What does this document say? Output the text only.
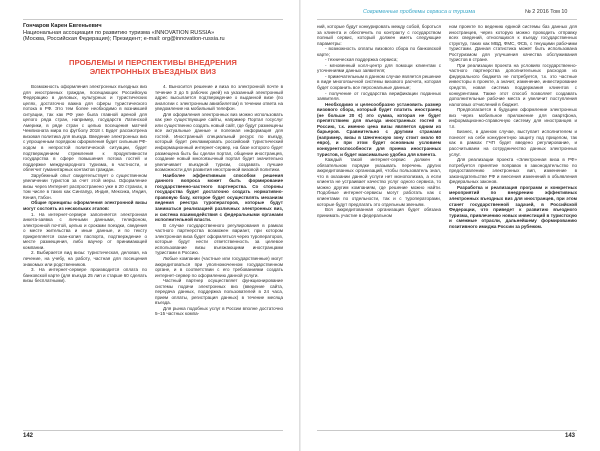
Гончаров Карен Евгеньевич
Национальная ассоциация по развитию туризма «INNOVATION RUSSIA»
(Москва, Российская Федерация); Президент; e-mail: org@innovation-russia.ru
ПРОБЛЕМЫ И ПЕРСПЕКТИВЫ ВНЕДРЕНИЯ
ЭЛЕКТРОННЫХ ВЪЕЗДНЫХ ВИЗ

Возможность оформления электронных въездных виз для иностранных граждан, посещающих Российскую Федерацию в деловых, культурных и туристических целях, достаточно важна для сферы туристического потока в РФ. Это тем более необходимо в возникшей ситуации, так как РФ уже была главной ареной для целого ряда стран, например, государств Латинской Америки, в ряде стран с целью посещения матчей Чемпионата мира по футболу 2018 г. Будет рассмотрена визовая политика для въезда. Введение электронных виз с упрощенным порядком оформления будет сильным РФ-ходом в непростой политической ситуации, будет подтверждением стремления к продуктивности государства в сфере повышения потока гостей и поддержке международного туризма, в частности, и облегчит гуманитарных контактов граждан.

Зарубежный опыт свидетельствует о существенном увеличении туристов за счет этой меры. Оформление визы через Интернет распространено уже в 20 странах, в том числе в таких как Сингапур, Индия, Мексика, Индия, Кения, Габон.

Общие принципы оформления электронной визы могут состоять из нескольких этапов:

1. На интернет-сервере заполняется электронная анкета-заявка с личными данными, телефоном, электронной почтой, целью и сроками поездки, сведения о месте жительства и иные данные, и по тексту прикрепляется скан-копия паспорта, подтверждение о месте размещения, либо ваучер от принимающей компании.

2. Выбирается вид визы: туристическая, деловая, на лечение, на учебу, на работу, частная для посещения знакомых или родственников.

3. На интернет-сервере производится оплата по банковской карте (для въезда 25 лип и старше 60 сделать визы бесплатными).

4. Выносится решение и виза по электронной почте в течение 3 до 5 рабочих дней) на указанный электронный адрес высылается подтверждение о выданной визе (по аналогии с электронным авиабилетом) в течении ответа на уведомление на мобильный телефон.

Для оформления электронных виз можно использовать как уже существующие сайты, например Портал госуслуг или существенно создать новый сайт, где будут размещены все актуальные данные и полезная информация для гостей. Иностранный специальный ресурс по въезду, который будет рекламировать российский туристический информационный интернет-сервер, на базе которого будет размещена быть бы сделан портал, общение иностранцев, создание новый многоязычный портал будет значительно увеличивает въездной туризм, создавать лучшие возможности для развития иностранной визовой политики.

Наиболее эффективным способом решения данного вопроса может быть формирование государственно-частного партнерства. Со стороны государства будет достаточно создать нормативно-правовую базу, которое будет осуществлять механизм ведения реестра туроператоров, которые будут заниматься реализацией различных электронных виз, и система взаимодействия с федеральными органами исполнительной власти.

В случае государственного регулирования в рамках частного партнерства возможен вариант, при котором электронная виза будет оформляться через туроператоров, которые будут нести ответственность за целевое использование визы въезжающими иностранцами туристами в Россию.

Любые компании (частные или государственные) могут аккредитоваться при уполномоченном государственном органе, и в соответствии с его требованиями создать интернет-сервер по оформлению данной услуги.

Частный партнер осуществляет функционирование системы подачи электронных виз (введение сайта, передача данных, поддержка пользователей в 24 часа, прием оплаты, регистрация данных) в течение месяца въезда.

Для рынка подобных услуг в России вполне достаточно 5–15 частных компа-

142
Современные проблемы сервиса и туризма	№ 2 2016 Том 10

ний, которые будут конкурировать между собой, бороться за клиента и обеспечить по контракту с государством полный сервис, который должен иметь следующие параметры:

- возможность оплаты визового сбора по банковской карте;

- техническая поддержка сервиса;

- мгновенный колл-центр для помощи клиентам с уточнениями данных заявителя;

- примечательным в данном случае является решение в виде многоязычной системы визового расчета, которая будет сохранить все персональные данные;

- получение от государства верификации поданных заявителя.

Необходимо и целесообразно установить размер визового сбора, который будет платить иностранец (не больше 20 €) это сумма, которая не будет препятствием для въезда иностранных гостей в Россию, т.к. именно цена визы является одним из барьеров. Сравнительно с другими странами (например, визы в Шенгенскую зону стоит около 60 евро), и при этом будет основным условием конкурентоспособности для приема иностранных туристов, и будет максимально удобна для клиента.

Каждый такой интернет-сервис должен в обязательном порядке указывать перечень других аккредитованных организаций, чтобы пользователь знал, что в оказании данной услуги нет монополизма, а если клиента не устраивает качество услуг одного сервиса, то можно другим компаниям, где решение можно найти. Подобные интернет-сервисы могут работать как с клиентами по отдельности, так и с туроператорами, которые будут предлагать это отдельным звеньям.

Вся аккредитованная организация будет обязана принимать участие в федеральном

ном проекте по ведению единой системы баз данных для иностранцев, через которую можно проводить отправку всех сведений, относящихся к въезду государственных структур, таких как МВД, ФМС, ФСБ, с текущими рабочими туристами. Данная статистика может быть использована Ростуризмом для улучшения качества обслуживания туристов в стране.

При реализации проекта на условиях государственно-частного партнерства дополнительных расходов из федерального бюджета не потребуется, т.к. это частные инвесторы в проекте, а значит, изменение, инвестирование средств, новая система поддержания клиентов с конкурентами. Также этот способ позволяет создавать дополнительные рабочие места и увеличит поступления налоговых отчислений в бюджет.

Предполагается в будущем оформление электронных виз через мобильное приложение для смартфона, информационно-справочную систему для иностранцев и т.п.

Бизнес, в данном случае, выступает исполнителем и понесет на себе конкурентную защиту под прицелом, так как в рамках ГЧП будет введено регулирование, и рассчитываем на сотрудничество данных электронных услуг.

Для реализации проекта «Электронная виза в РФ» потребуется принятие поправок в законодательство по предоставлению электронных вип, изменение в законодательстве РФ и внесения изменений в объявления федеральных законов.

Разработка и реализация программ и конкретных мероприятий по внедрению эффективных электронных въездных виз для иностранцев, при этом станет государственной задачей, в Российской Федерации, что приведет к развитию въездного туризма, привлечению новых инвестиций в туристскую и смежные отрасли, дальнейшему формированию позитивного имиджа России за рубежом.

143
